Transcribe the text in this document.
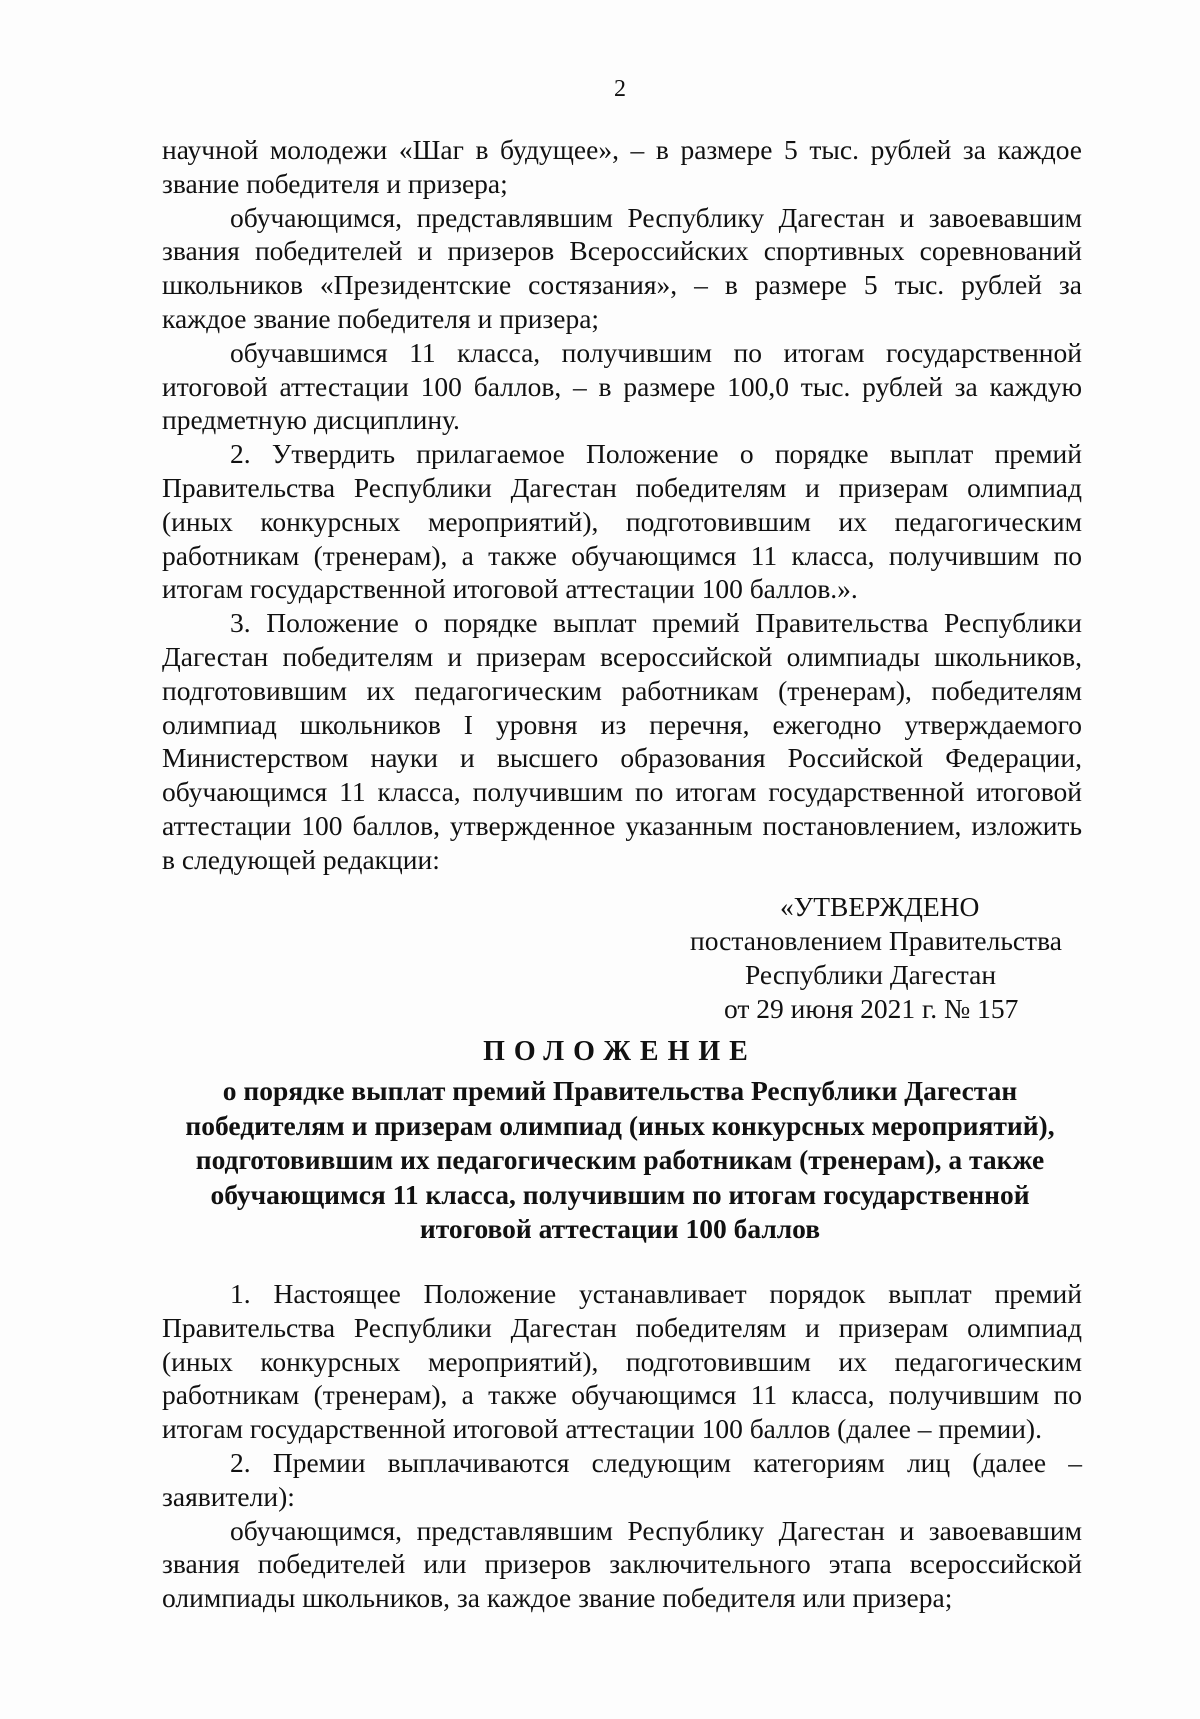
2

научной молодежи «Шаг в будущее», – в размере 5 тыс. рублей за каждое звание победителя и призера;

обучающимся, представлявшим Республику Дагестан и завоевавшим звания победителей и призеров Всероссийских спортивных соревнований школьников «Президентские состязания», – в размере 5 тыс. рублей за каждое звание победителя и призера;

обучавшимся 11 класса, получившим по итогам государственной итоговой аттестации 100 баллов, – в размере 100,0 тыс. рублей за каждую предметную дисциплину.

2. Утвердить прилагаемое Положение о порядке выплат премий Правительства Республики Дагестан победителям и призерам олимпиад (иных конкурсных мероприятий), подготовившим их педагогическим работникам (тренерам), а также обучающимся 11 класса, получившим по итогам государственной итоговой аттестации 100 баллов.».

3. Положение о порядке выплат премий Правительства Республики Дагестан победителям и призерам всероссийской олимпиады школьников, подготовившим их педагогическим работникам (тренерам), победителям олимпиад школьников I уровня из перечня, ежегодно утверждаемого Министерством науки и высшего образования Российской Федерации, обучающимся 11 класса, получившим по итогам государственной итоговой аттестации 100 баллов, утвержденное указанным постановлением, изложить в следующей редакции:

«УТВЕРЖДЕНО
постановлением Правительства
Республики Дагестан
от 29 июня 2021 г. № 157
ПОЛОЖЕНИЕ
о порядке выплат премий Правительства Республики Дагестан
победителям и призерам олимпиад (иных конкурсных мероприятий),
подготовившим их педагогическим работникам (тренерам), а также
обучающимся 11 класса, получившим по итогам государственной
итоговой аттестации 100 баллов

1. Настоящее Положение устанавливает порядок выплат премий Правительства Республики Дагестан победителям и призерам олимпиад (иных конкурсных мероприятий), подготовившим их педагогическим работникам (тренерам), а также обучающимся 11 класса, получившим по итогам государственной итоговой аттестации 100 баллов (далее – премии).

2. Премии выплачиваются следующим категориям лиц (далее – заявители):

обучающимся, представлявшим Республику Дагестан и завоевавшим звания победителей или призеров заключительного этапа всероссийской олимпиады школьников, за каждое звание победителя или призера;
